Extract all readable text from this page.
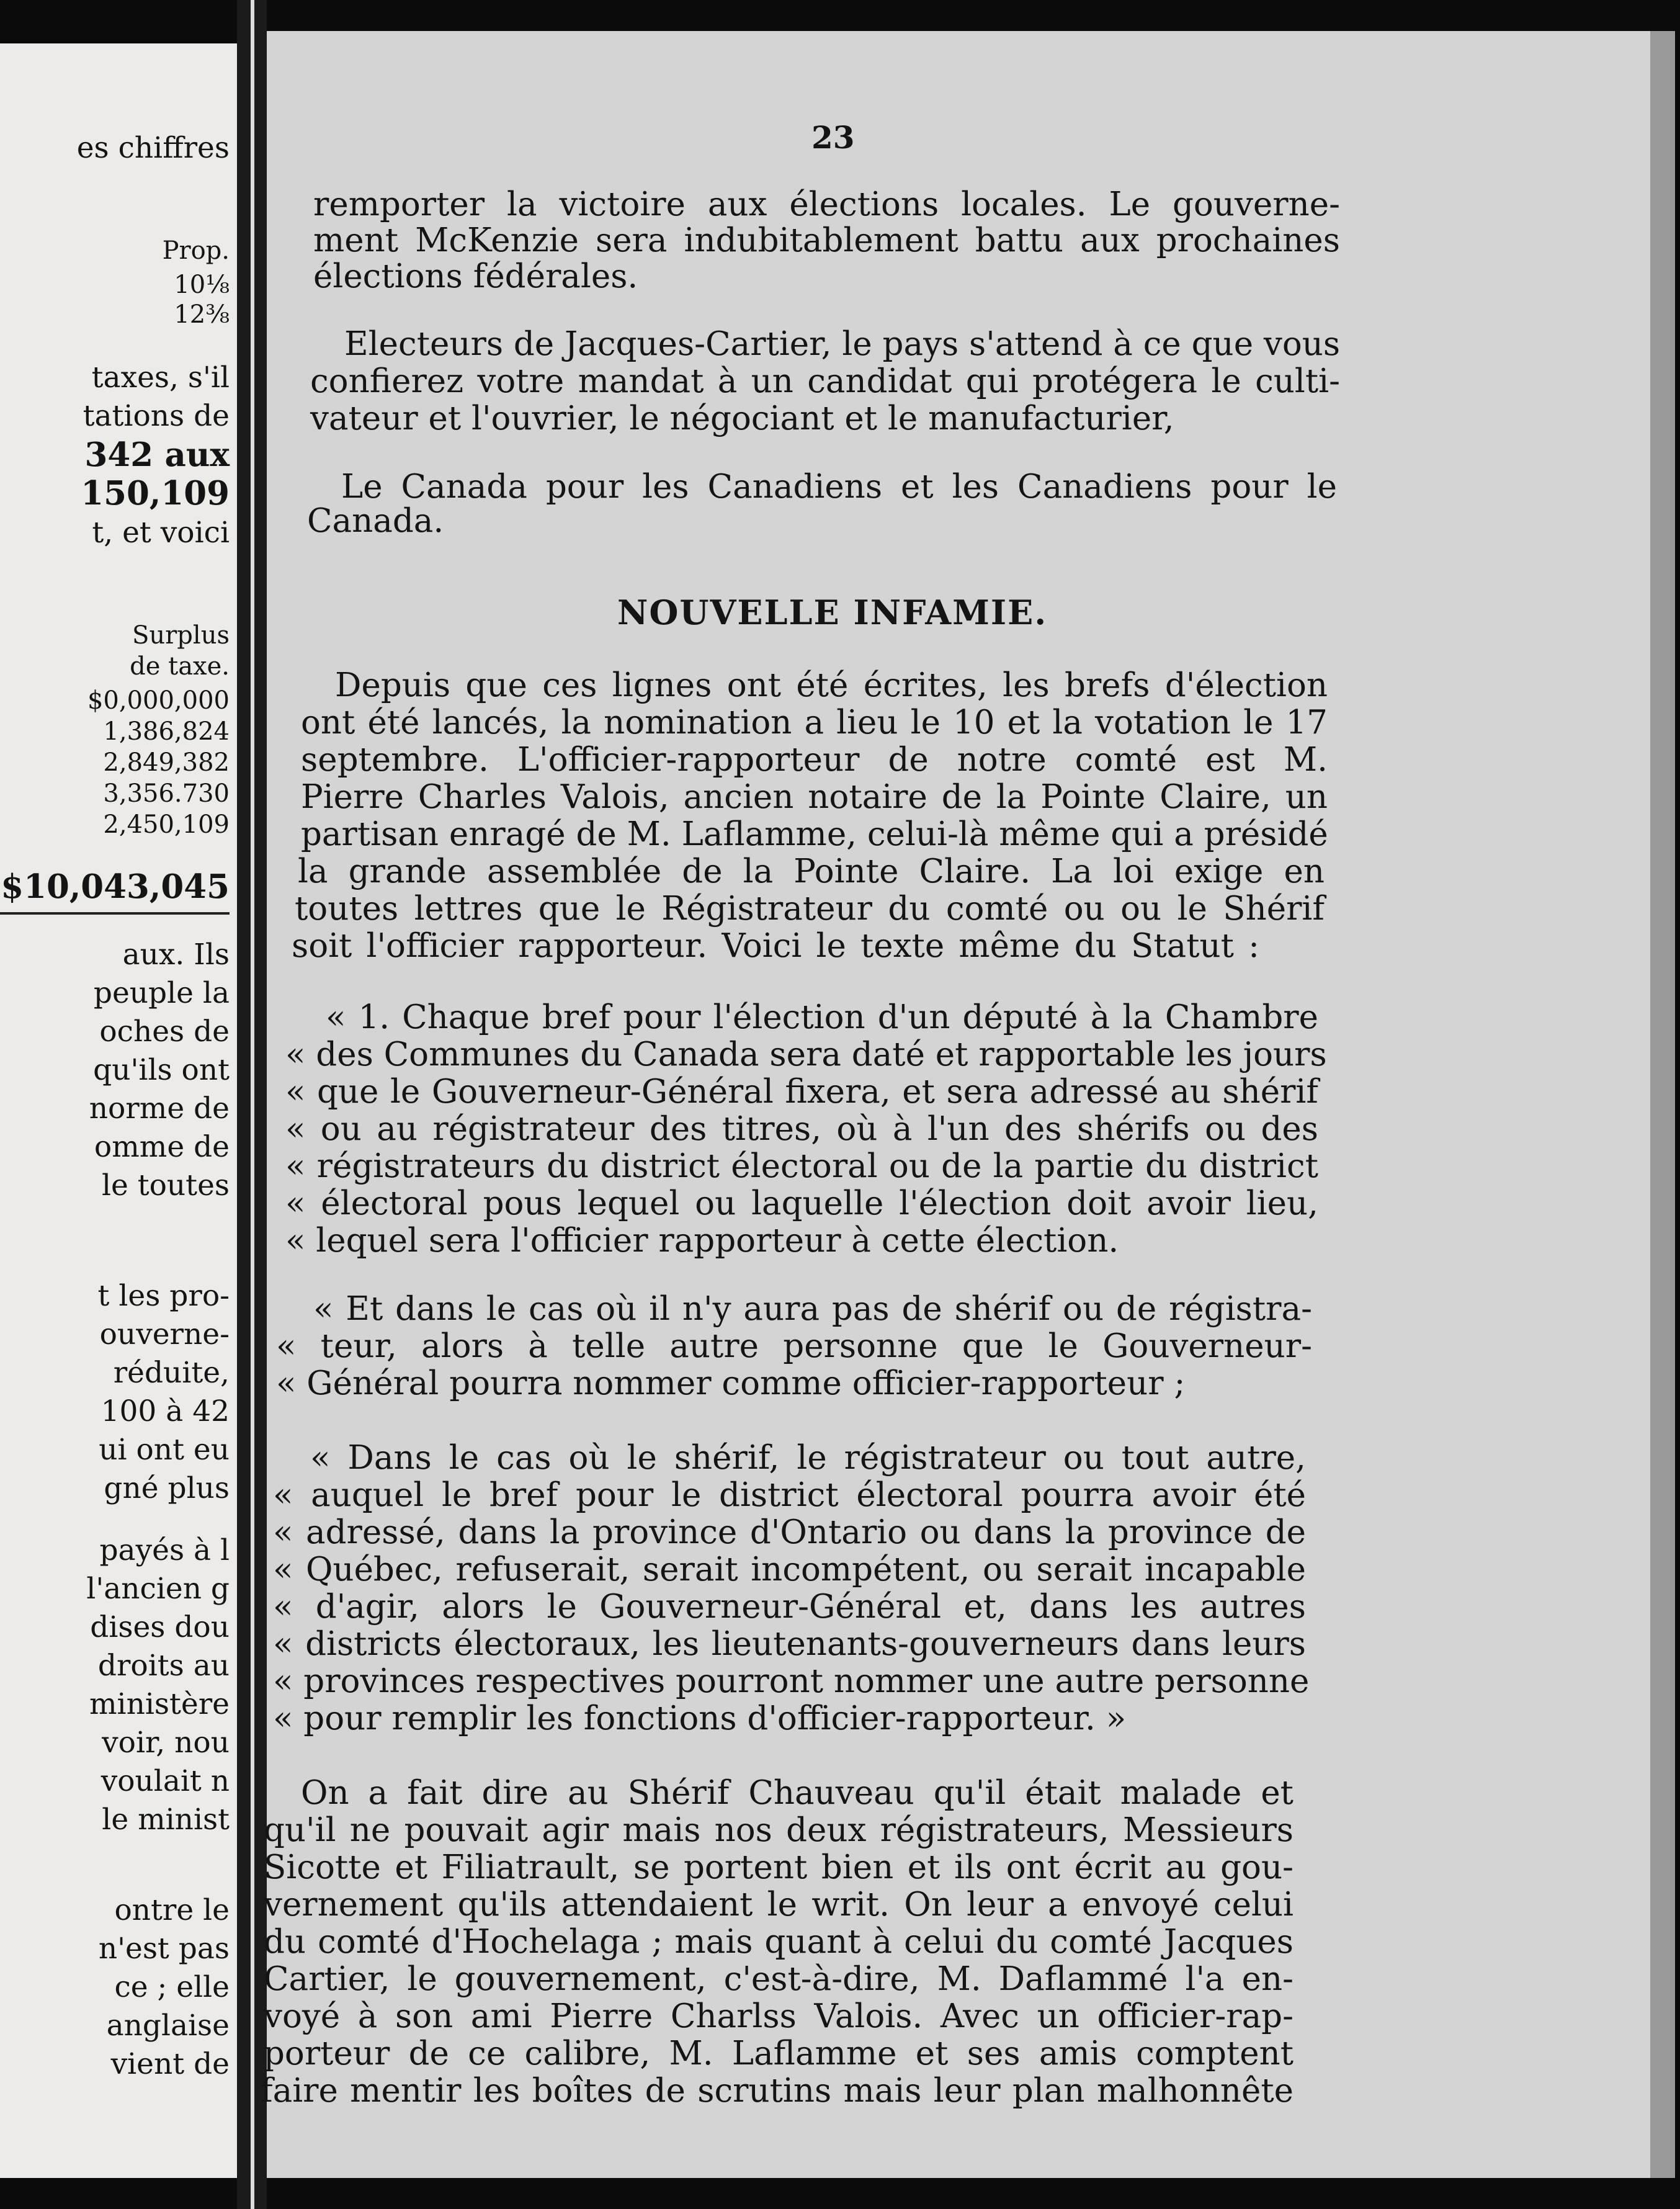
es chiffres
Prop.
10⅛
12⅜
taxes, s'il
tations de
342 aux
150,109
t, et voici
Surplus
de taxe.
$0,000,000
1,386,824
2,849,382
3,356.730
2,450,109
$10,043,045
aux. Ils
peuple la
oches de
qu'ils ont
norme de
omme de
le toutes
t les pro-
ouverne-
réduite,
100 à 42
ui ont eu
gné plus
payés à l
l'ancien g
dises dou
droits au
ministère
voir, nou
voulait n
le minist
ontre le
n'est pas
ce ; elle
anglaise
vient de
23
NOUVELLE INFAMIE.
remporter la victoire aux élections locales. Le gouverne-
ment McKenzie sera indubitablement battu aux prochaines
élections fédérales.
Electeurs de Jacques-Cartier, le pays s'attend à ce que vous
confierez votre mandat à un candidat qui protégera le culti-
vateur et l'ouvrier, le négociant et le manufacturier,
Le Canada pour les Canadiens et les Canadiens pour le
Canada.
Depuis que ces lignes ont été écrites, les brefs d'élection
ont été lancés, la nomination a lieu le 10 et la votation le 17
septembre. L'officier-rapporteur de notre comté est M.
Pierre Charles Valois, ancien notaire de la Pointe Claire, un
partisan enragé de M. Laflamme, celui-là même qui a présidé
la grande assemblée de la Pointe Claire. La loi exige en
toutes lettres que le Régistrateur du comté ou ou le Shérif
soit l'officier rapporteur. Voici le texte même du Statut :
« 1. Chaque bref pour l'élection d'un député à la Chambre
« des Communes du Canada sera daté et rapportable les jours
« que le Gouverneur-Général fixera, et sera adressé au shérif
« ou au régistrateur des titres, où à l'un des shérifs ou des
« régistrateurs du district électoral ou de la partie du district
« électoral pous lequel ou laquelle l'élection doit avoir lieu,
« lequel sera l'officier rapporteur à cette élection.
« Et dans le cas où il n'y aura pas de shérif ou de régistra-
« teur, alors à telle autre personne que le Gouverneur-
« Général pourra nommer comme officier-rapporteur ;
« Dans le cas où le shérif, le régistrateur ou tout autre,
« auquel le bref pour le district électoral pourra avoir été
« adressé, dans la province d'Ontario ou dans la province de
« Québec, refuserait, serait incompétent, ou serait incapable
« d'agir, alors le Gouverneur-Général et, dans les autres
« districts électoraux, les lieutenants-gouverneurs dans leurs
« provinces respectives pourront nommer une autre personne
« pour remplir les fonctions d'officier-rapporteur. »
On a fait dire au Shérif Chauveau qu'il était malade et
qu'il ne pouvait agir mais nos deux régistrateurs, Messieurs
Sicotte et Filiatrault, se portent bien et ils ont écrit au gou-
vernement qu'ils attendaient le writ. On leur a envoyé celui
du comté d'Hochelaga ; mais quant à celui du comté Jacques
Cartier, le gouvernement, c'est-à-dire, M. Daflammé l'a en-
voyé à son ami Pierre Charlss Valois. Avec un officier-rap-
porteur de ce calibre, M. Laflamme et ses amis comptent
faire mentir les boîtes de scrutins mais leur plan malhonnête
